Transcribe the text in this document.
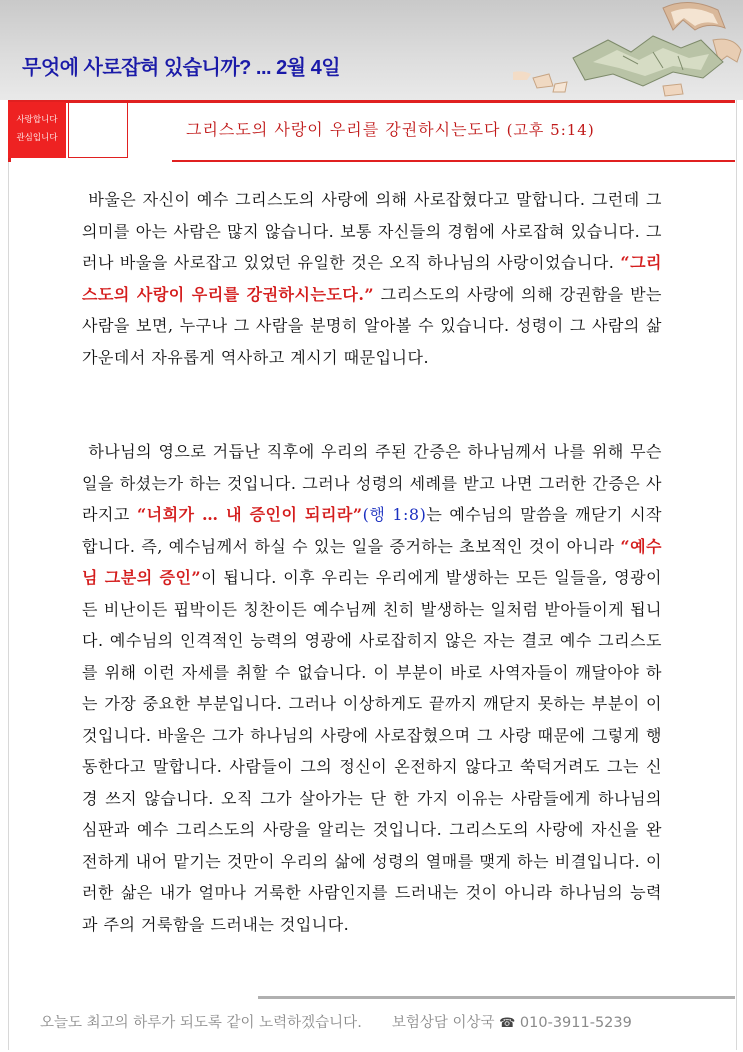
무엇에 사로잡혀 있습니까? ... 2월 4일
사랑합니다
관심입니다	그리스도의 사랑이 우리를 강권하시는도다 (고후 5:14)
바울은 자신이 예수 그리스도의 사랑에 의해 사로잡혔다고 말합니다. 그런데 그 의미를 아는 사람은 많지 않습니다. 보통 자신들의 경험에 사로잡혀 있습니다. 그러나 바울을 사로잡고 있었던 유일한 것은 오직 하나님의 사랑이었습니다. “그리스도의 사랑이 우리를 강권하시는도다.” 그리스도의 사랑에 의해 강권함을 받는 사람을 보면, 누구나 그 사람을 분명히 알아볼 수 있습니다. 성령이 그 사람의 삶 가운데서 자유롭게 역사하고 계시기 때문입니다.
하나님의 영으로 거듭난 직후에 우리의 주된 간증은 하나님께서 나를 위해 무슨 일을 하셨는가 하는 것입니다. 그러나 성령의 세례를 받고 나면 그러한 간증은 사라지고 “너희가 … 내 증인이 되리라”(행 1:8)는 예수님의 말씀을 깨닫기 시작합니다. 즉, 예수님께서 하실 수 있는 일을 증거하는 초보적인 것이 아니라 “예수님 그분의 증인”이 됩니다. 이후 우리는 우리에게 발생하는 모든 일들을, 영광이든 비난이든 핍박이든 칭찬이든 예수님께 친히 발생하는 일처럼 받아들이게 됩니다. 예수님의 인격적인 능력의 영광에 사로잡히지 않은 자는 결코 예수 그리스도를 위해 이런 자세를 취할 수 없습니다. 이 부분이 바로 사역자들이 깨달아야 하는 가장 중요한 부분입니다. 그러나 이상하게도 끝까지 깨닫지 못하는 부분이 이것입니다. 바울은 그가 하나님의 사랑에 사로잡혔으며 그 사랑 때문에 그렇게 행동한다고 말합니다. 사람들이 그의 정신이 온전하지 않다고 쑥덕거려도 그는 신경 쓰지 않습니다. 오직 그가 살아가는 단 한 가지 이유는 사람들에게 하나님의 심판과 예수 그리스도의 사랑을 알리는 것입니다. 그리스도의 사랑에 자신을 완전하게 내어 맡기는 것만이 우리의 삶에 성령의 열매를 맺게 하는 비결입니다. 이러한 삶은 내가 얼마나 거룩한 사람인지를 드러내는 것이 아니라 하나님의 능력과 주의 거룩함을 드러내는 것입니다.
오늘도 최고의 하루가 되도록 같이 노력하겠습니다. 보험상담 이상국 ☎ 010-3911-5239
